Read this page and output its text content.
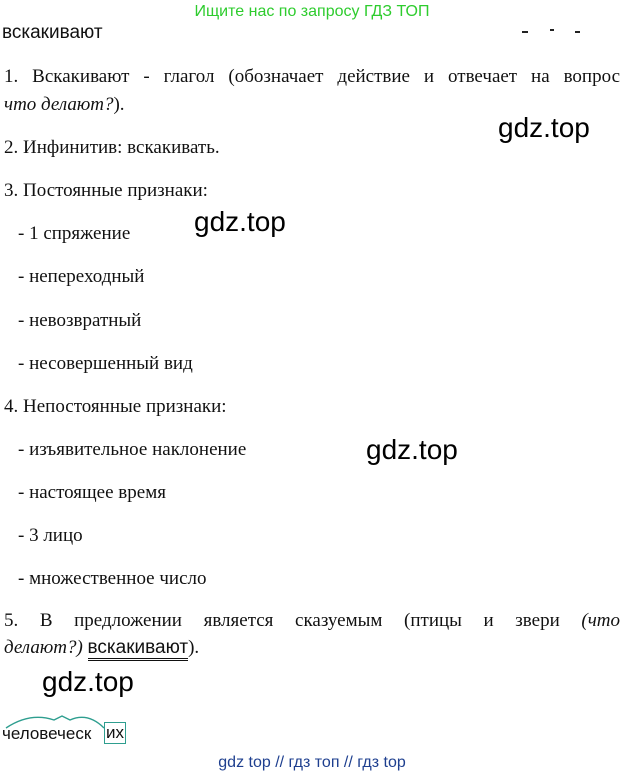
Ищите нас по запросу ГДЗ ТОП
вскакивают
1. Вскакивают - глагол (обозначает действие и отвечает на вопрос
что делают?).
gdz.top
2. Инфинитив: вскакивать.
3. Постоянные признаки:
- 1 спряжение gdz.top
- непереходный
- невозвратный
- несовершенный вид
4. Непостоянные признаки:
- изъявительное наклонение	gdz.top
- настоящее время
- 3 лицо
- множественное число
5. В предложении является сказуемым (птицы и звери (что
делают?) вскакивают).
gdz.top
человеческ их
gdz top // гдз топ // гдз top
